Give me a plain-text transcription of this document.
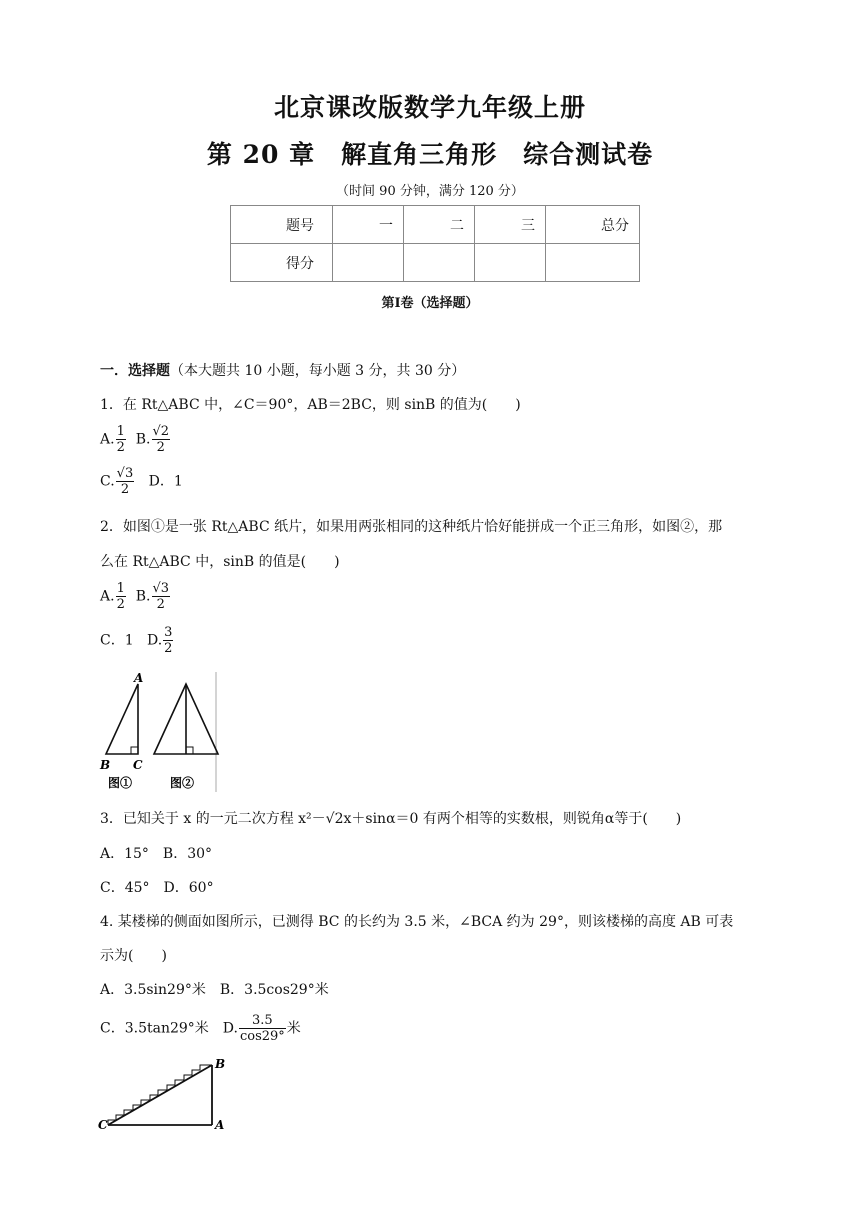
北京课改版数学九年级上册
第 20 章　解直角三角形　综合测试卷
（时间 90 分钟，满分 120 分）
题号	一	二	三	总分
得分				
第Ⅰ卷（选择题）
一．选择题（本大题共 10 小题，每小题 3 分，共 30 分）
1．在 Rt△ABC 中，∠C＝90°，AB＝2BC，则 sinB 的值为(　　)
A. $\frac{1}{2} B$. $\frac{√2}{2}$
C. $\frac{√3}{2}$ D．1
2．如图①是一张 Rt△ABC 纸片，如果用两张相同的这种纸片恰好能拼成一个正三角形，如图②，那
么在 Rt△ABC 中，sinB 的值是(　　)
A. $\frac{1}{2} B$. $\frac{√3}{2}$
C．1 D. $\frac{3}{2}$
A
B C
图①	图②
3．已知关于 x 的一元二次方程 x²－√2x＋sinα＝0 有两个相等的实数根，则锐角α等于(　　)
A．15°　B．30°
C．45°　D．60°
4. 某楼梯的侧面如图所示，已测得 BC 的长约为 3.5 米，∠BCA 约为 29°，则该楼梯的高度 AB 可表
示为(　　)
A．3.5sin29°米　B．3.5cos29°米
C．3.5tan29°米　D. $\frac{3.5}{\cos 29^\circ}$ 米
B
C	A
